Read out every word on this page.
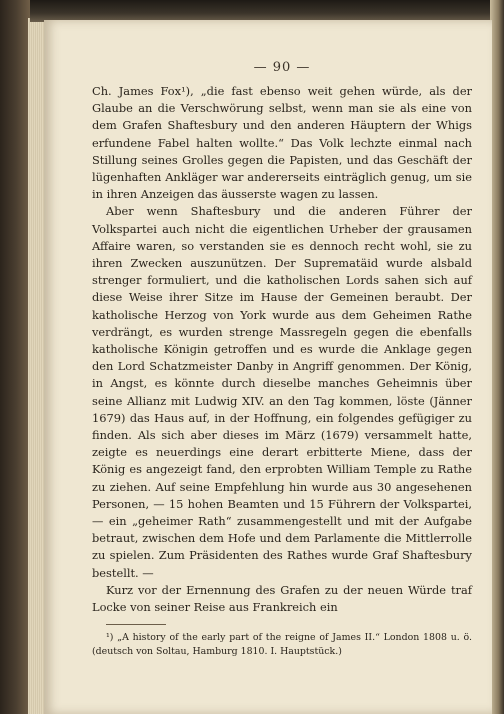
— 90 —

Ch. James Fox¹), „die fast ebenso weit gehen würde, als der Glaube an die Verschwörung selbst, wenn man sie als eine von dem Grafen Shaftesbury und den anderen Häuptern der Whigs erfundene Fabel halten wollte.“ Das Volk lechzte einmal nach Stillung seines Grolles gegen die Papisten, und das Geschäft der lügenhaften Ankläger war andererseits einträglich genug, um sie in ihren Anzeigen das äusserste wagen zu lassen.

Aber wenn Shaftesbury und die anderen Führer der Volkspartei auch nicht die eigentlichen Urheber der grausamen Affaire waren, so verstanden sie es dennoch recht wohl, sie zu ihren Zwecken auszunützen. Der Suprematäid wurde alsbald strenger formuliert, und die katholischen Lords sahen sich auf diese Weise ihrer Sitze im Hause der Gemeinen beraubt. Der katholische Herzog von York wurde aus dem Geheimen Rathe verdrängt, es wurden strenge Massregeln gegen die ebenfalls katholische Königin getroffen und es wurde die Anklage gegen den Lord Schatzmeister Danby in Angriff genommen. Der König, in Angst, es könnte durch dieselbe manches Geheimnis über seine Allianz mit Ludwig XIV. an den Tag kommen, löste (Jänner 1679) das Haus auf, in der Hoffnung, ein folgendes gefügiger zu finden. Als sich aber dieses im März (1679) versammelt hatte, zeigte es neuerdings eine derart erbitterte Miene, dass der König es angezeigt fand, den erprobten William Temple zu Rathe zu ziehen. Auf seine Empfehlung hin wurde aus 30 angesehenen Personen, — 15 hohen Beamten und 15 Führern der Volkspartei, — ein „geheimer Rath“ zusammengestellt und mit der Aufgabe betraut, zwischen dem Hofe und dem Parlamente die Mittlerrolle zu spielen. Zum Präsidenten des Rathes wurde Graf Shaftesbury bestellt. —

Kurz vor der Ernennung des Grafen zu der neuen Würde traf Locke von seiner Reise aus Frankreich ein

¹) „A history of the early part of the reigne of James II.“ London 1808 u. ö. (deutsch von Soltau, Hamburg 1810. I. Hauptstück.)
